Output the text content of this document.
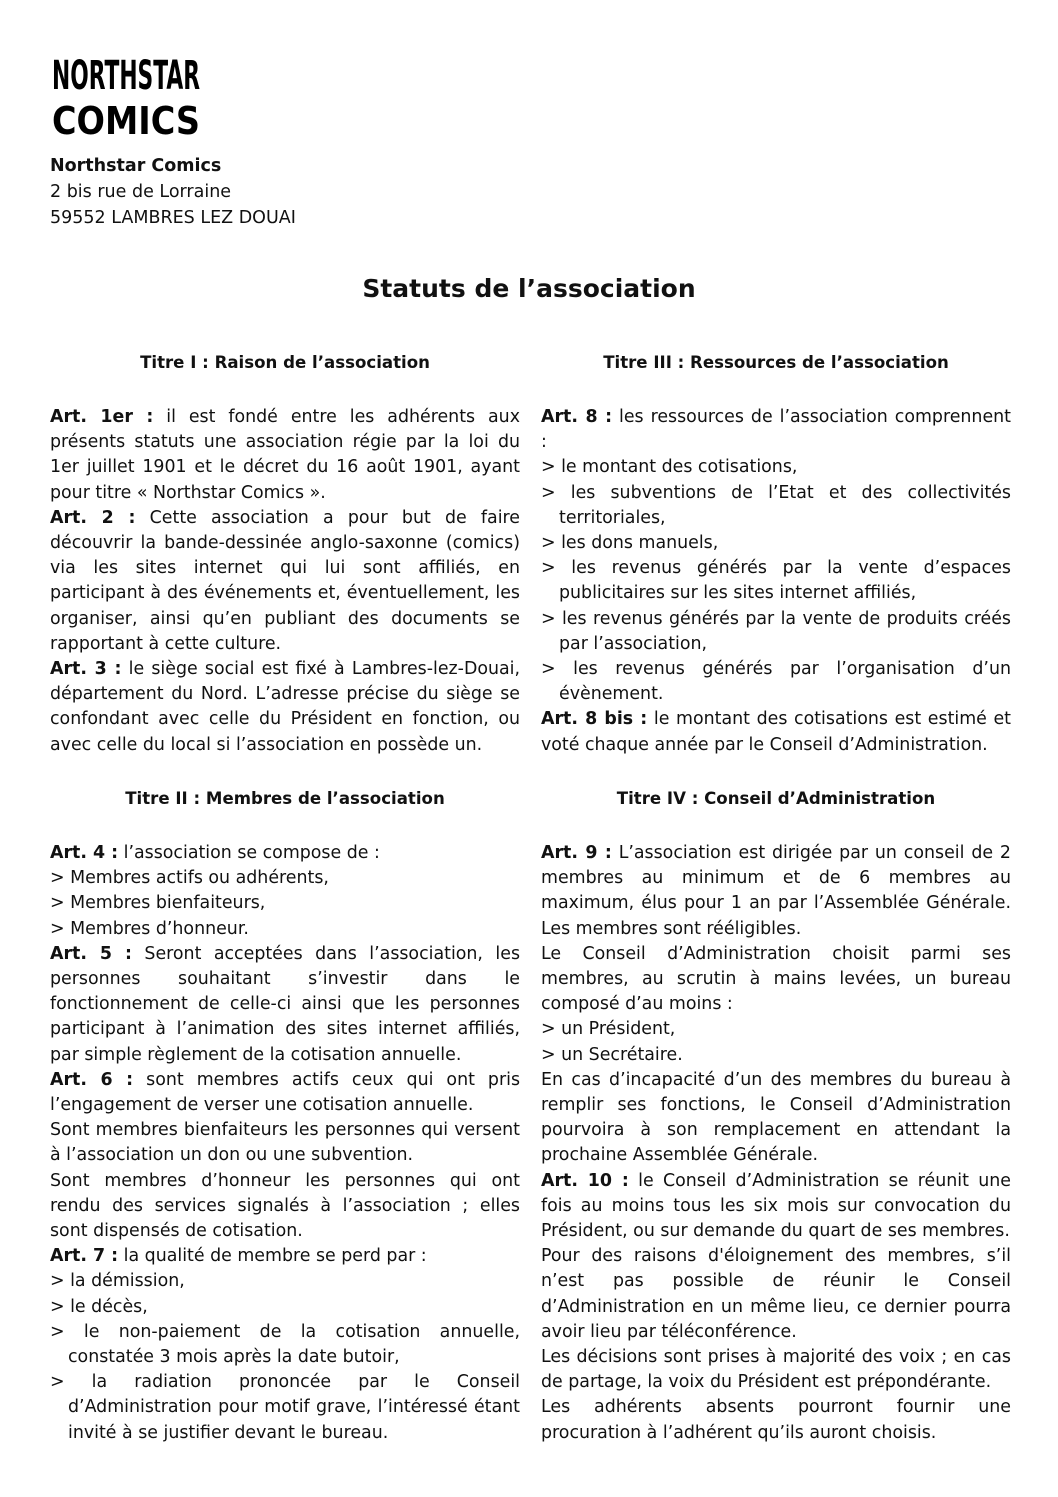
NORTHSTAR
COMICS
Northstar Comics
2 bis rue de Lorraine
59552 LAMBRES LEZ DOUAI
Statuts de l’association
Titre I : Raison de l’association

Art. 1er : il est fondé entre les adhérents aux présents statuts une association régie par la loi du 1er juillet 1901 et le décret du 16 août 1901, ayant pour titre « Northstar Comics ».

Art. 2 : Cette association a pour but de faire découvrir la bande-dessinée anglo-saxonne (comics) via les sites internet qui lui sont affiliés, en participant à des événements et, éventuellement, les organiser, ainsi qu’en publiant des documents se rapportant à cette culture.

Art. 3 : le siège social est fixé à Lambres-lez-Douai, département du Nord. L’adresse précise du siège se confondant avec celle du Président en fonction, ou avec celle du local si l’association en possède un.

Titre III : Ressources de l’association

Art. 8 : les ressources de l’association comprennent :

> le montant des cotisations,

> les subventions de l’Etat et des collectivités territoriales,

> les dons manuels,

> les revenus générés par la vente d’espaces publicitaires sur les sites internet affiliés,

> les revenus générés par la vente de produits créés par l’association,

> les revenus générés par l’organisation d’un évènement.

Art. 8 bis : le montant des cotisations est estimé et voté chaque année par le Conseil d’Administration.

Titre II : Membres de l’association

Art. 4 : l’association se compose de :

> Membres actifs ou adhérents,

> Membres bienfaiteurs,

> Membres d’honneur.

Art. 5 : Seront acceptées dans l’association, les personnes souhaitant s’investir dans le fonctionnement de celle-ci ainsi que les personnes participant à l’animation des sites internet affiliés, par simple règlement de la cotisation annuelle.

Art. 6 : sont membres actifs ceux qui ont pris l’engagement de verser une cotisation annuelle.

Sont membres bienfaiteurs les personnes qui versent à l’association un don ou une subvention.

Sont membres d’honneur les personnes qui ont rendu des services signalés à l’association ; elles sont dispensés de cotisation.

Art. 7 : la qualité de membre se perd par :

> la démission,

> le décès,

> le non-paiement de la cotisation annuelle, constatée 3 mois après la date butoir,

> la radiation prononcée par le Conseil d’Administration pour motif grave, l’intéressé étant invité à se justifier devant le bureau.

Titre IV : Conseil d’Administration

Art. 9 : L’association est dirigée par un conseil de 2 membres au minimum et de 6 membres au maximum, élus pour 1 an par l’Assemblée Générale. Les membres sont rééligibles.

Le Conseil d’Administration choisit parmi ses membres, au scrutin à mains levées, un bureau composé d’au moins :

> un Président,

> un Secrétaire.

En cas d’incapacité d’un des membres du bureau à remplir ses fonctions, le Conseil d’Administration pourvoira à son remplacement en attendant la prochaine Assemblée Générale.

Art. 10 : le Conseil d’Administration se réunit une fois au moins tous les six mois sur convocation du Président, ou sur demande du quart de ses membres.

Pour des raisons d'éloignement des membres, s’il n’est pas possible de réunir le Conseil d’Administration en un même lieu, ce dernier pourra avoir lieu par téléconférence.

Les décisions sont prises à majorité des voix ; en cas de partage, la voix du Président est prépondérante.

Les adhérents absents pourront fournir une procuration à l’adhérent qu’ils auront choisis.
